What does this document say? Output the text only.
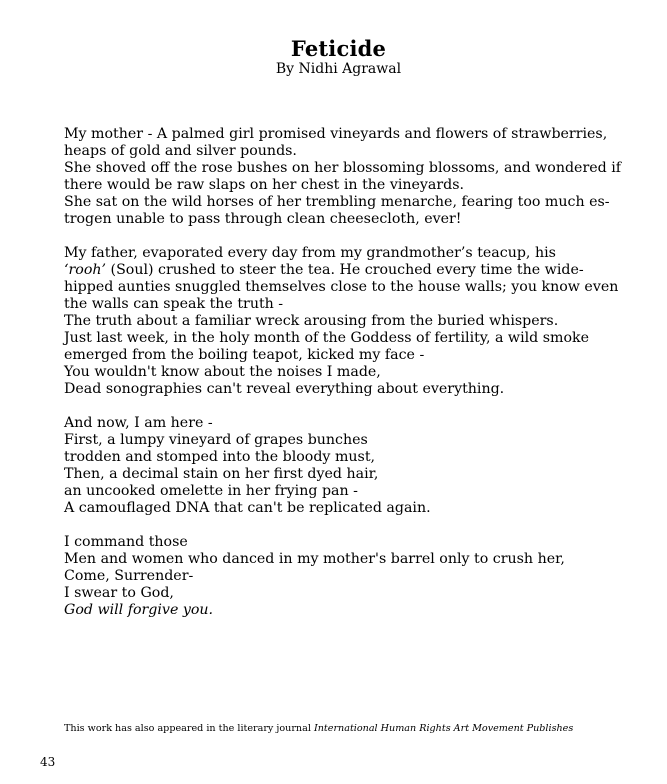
Feticide
By Nidhi Agrawal
My mother - A palmed girl promised vineyards and flowers of strawberries,
heaps of gold and silver pounds.
She shoved off the rose bushes on her blossoming blossoms, and wondered if
there would be raw slaps on her chest in the vineyards.
She sat on the wild horses of her trembling menarche, fearing too much es-
trogen unable to pass through clean cheesecloth, ever!
My father, evaporated every day from my grandmother’s teacup, his
‘rooh’ (Soul) crushed to steer the tea. He crouched every time the wide-
hipped aunties snuggled themselves close to the house walls; you know even
the walls can speak the truth -
The truth about a familiar wreck arousing from the buried whispers.
Just last week, in the holy month of the Goddess of fertility, a wild smoke
emerged from the boiling teapot, kicked my face -
You wouldn't know about the noises I made,
Dead sonographies can't reveal everything about everything.
And now, I am here -
First, a lumpy vineyard of grapes bunches
trodden and stomped into the bloody must,
Then, a decimal stain on her first dyed hair,
an uncooked omelette in her frying pan -
A camouflaged DNA that can't be replicated again.
I command those
Men and women who danced in my mother's barrel only to crush her,
Come, Surrender-
I swear to God,
God will forgive you.
This work has also appeared in the literary journal International Human Rights Art Movement Publishes
43
